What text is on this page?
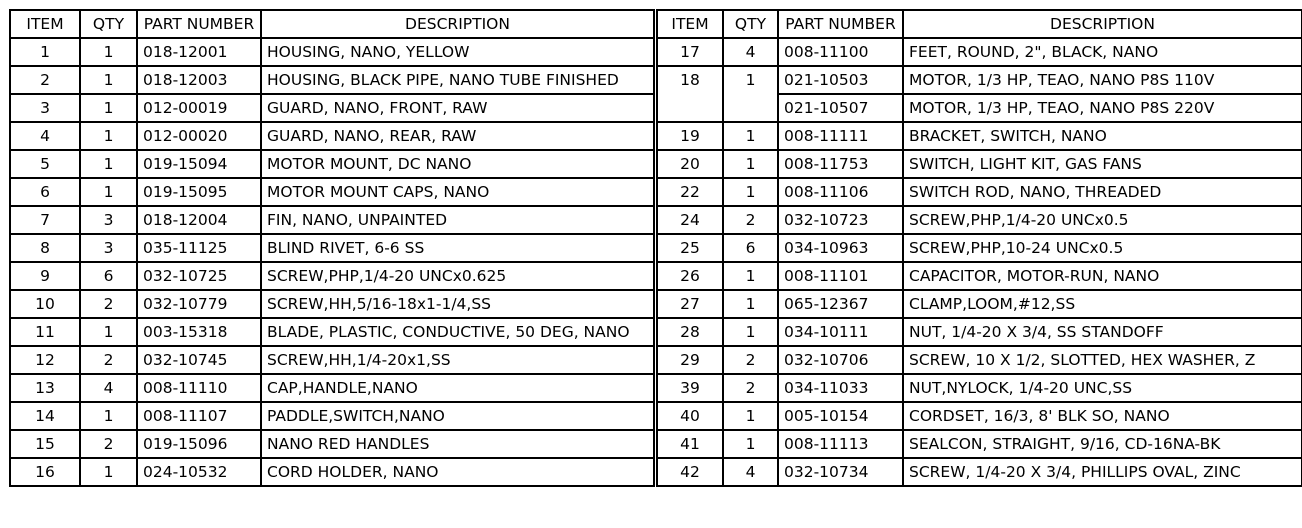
ITEM	QTY	PART NUMBER	DESCRIPTION
1	1	018-12001	HOUSING, NANO, YELLOW
2	1	018-12003	HOUSING, BLACK PIPE, NANO TUBE FINISHED
3	1	012-00019	GUARD, NANO, FRONT, RAW
4	1	012-00020	GUARD, NANO, REAR, RAW
5	1	019-15094	MOTOR MOUNT, DC NANO
6	1	019-15095	MOTOR MOUNT CAPS, NANO
7	3	018-12004	FIN, NANO, UNPAINTED
8	3	035-11125	BLIND RIVET, 6-6 SS
9	6	032-10725	SCREW,PHP,1/4-20 UNCx0.625
10	2	032-10779	SCREW,HH,5/16-18x1-1/4,SS
11	1	003-15318	BLADE, PLASTIC, CONDUCTIVE, 50 DEG, NANO
12	2	032-10745	SCREW,HH,1/4-20x1,SS
13	4	008-11110	CAP,HANDLE,NANO
14	1	008-11107	PADDLE,SWITCH,NANO
15	2	019-15096	NANO RED HANDLES
16	1	024-10532	CORD HOLDER, NANO
ITEM	QTY	PART NUMBER	DESCRIPTION
17	4	008-11100	FEET, ROUND, 2", BLACK, NANO
18	1	021-10503	MOTOR, 1/3 HP, TEAO, NANO P8S 110V
		021-10507	MOTOR, 1/3 HP, TEAO, NANO P8S 220V
19	1	008-11111	BRACKET, SWITCH, NANO
20	1	008-11753	SWITCH, LIGHT KIT, GAS FANS
22	1	008-11106	SWITCH ROD, NANO, THREADED
24	2	032-10723	SCREW,PHP,1/4-20 UNCx0.5
25	6	034-10963	SCREW,PHP,10-24 UNCx0.5
26	1	008-11101	CAPACITOR, MOTOR-RUN, NANO
27	1	065-12367	CLAMP,LOOM,#12,SS
28	1	034-10111	NUT, 1/4-20 X 3/4, SS STANDOFF
29	2	032-10706	SCREW, 10 X 1/2, SLOTTED, HEX WASHER, Z
39	2	034-11033	NUT,NYLOCK, 1/4-20 UNC,SS
40	1	005-10154	CORDSET, 16/3, 8' BLK SO, NANO
41	1	008-11113	SEALCON, STRAIGHT, 9/16, CD-16NA-BK
42	4	032-10734	SCREW, 1/4-20 X 3/4, PHILLIPS OVAL, ZINC
